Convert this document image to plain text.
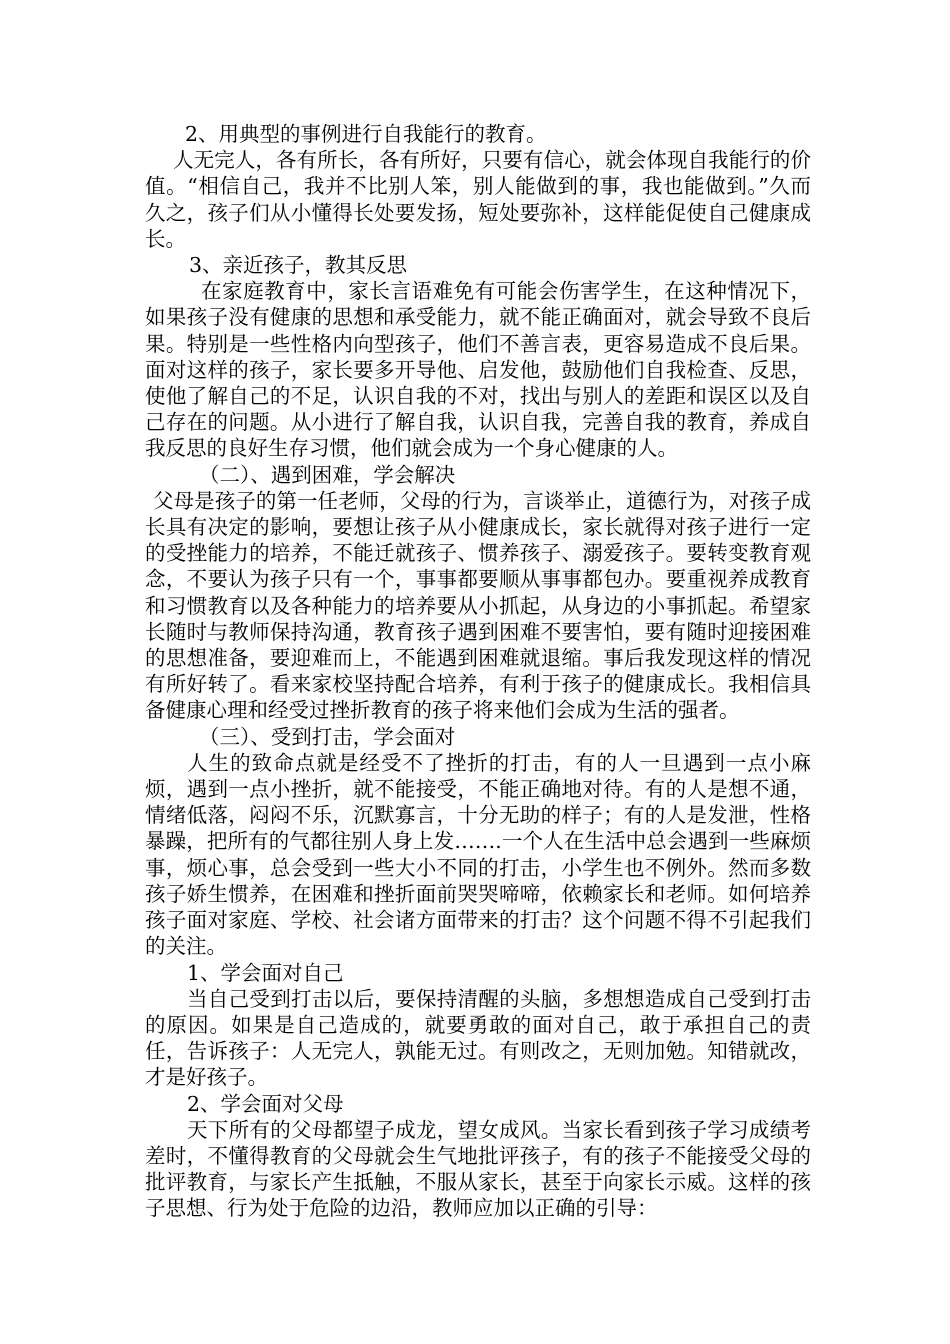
2、用典型的事例进行自我能行的教育。

人无完人，各有所长，各有所好，只要有信心，就会体现自我能行的价值。“相信自己，我并不比别人笨，别人能做到的事，我也能做到。”久而久之，孩子们从小懂得长处要发扬，短处要弥补，这样能促使自己健康成长。

3、亲近孩子，教其反思

在家庭教育中，家长言语难免有可能会伤害学生，在这种情况下，如果孩子没有健康的思想和承受能力，就不能正确面对，就会导致不良后果。特别是一些性格内向型孩子，他们不善言表，更容易造成不良后果。面对这样的孩子，家长要多开导他、启发他，鼓励他们自我检查、反思，使他了解自己的不足，认识自我的不对，找出与别人的差距和误区以及自己存在的问题。从小进行了解自我，认识自我，完善自我的教育，养成自我反思的良好生存习惯，他们就会成为一个身心健康的人。

（二）、遇到困难，学会解决

父母是孩子的第一任老师，父母的行为，言谈举止，道德行为，对孩子成长具有决定的影响，要想让孩子从小健康成长，家长就得对孩子进行一定的受挫能力的培养，不能迁就孩子、惯养孩子、溺爱孩子。要转变教育观念，不要认为孩子只有一个，事事都要顺从事事都包办。要重视养成教育和习惯教育以及各种能力的培养要从小抓起，从身边的小事抓起。希望家长随时与教师保持沟通，教育孩子遇到困难不要害怕，要有随时迎接困难的思想准备，要迎难而上，不能遇到困难就退缩。事后我发现这样的情况有所好转了。看来家校坚持配合培养，有利于孩子的健康成长。我相信具备健康心理和经受过挫折教育的孩子将来他们会成为生活的强者。

（三）、受到打击，学会面对

人生的致命点就是经受不了挫折的打击，有的人一旦遇到一点小麻烦，遇到一点小挫折，就不能接受，不能正确地对待。有的人是想不通，情绪低落，闷闷不乐，沉默寡言，十分无助的样子；有的人是发泄，性格暴躁，把所有的气都往别人身上发…….一个人在生活中总会遇到一些麻烦事，烦心事，总会受到一些大小不同的打击，小学生也不例外。然而多数孩子娇生惯养，在困难和挫折面前哭哭啼啼，依赖家长和老师。如何培养孩子面对家庭、学校、社会诸方面带来的打击？这个问题不得不引起我们的关注。

1、学会面对自己

当自己受到打击以后，要保持清醒的头脑，多想想造成自己受到打击的原因。如果是自己造成的，就要勇敢的面对自己，敢于承担自己的责任，告诉孩子：人无完人，孰能无过。有则改之，无则加勉。知错就改，才是好孩子。

2、学会面对父母

天下所有的父母都望子成龙，望女成风。当家长看到孩子学习成绩考差时，不懂得教育的父母就会生气地批评孩子，有的孩子不能接受父母的批评教育，与家长产生抵触，不服从家长，甚至于向家长示威。这样的孩子思想、行为处于危险的边沿，教师应加以正确的引导：
